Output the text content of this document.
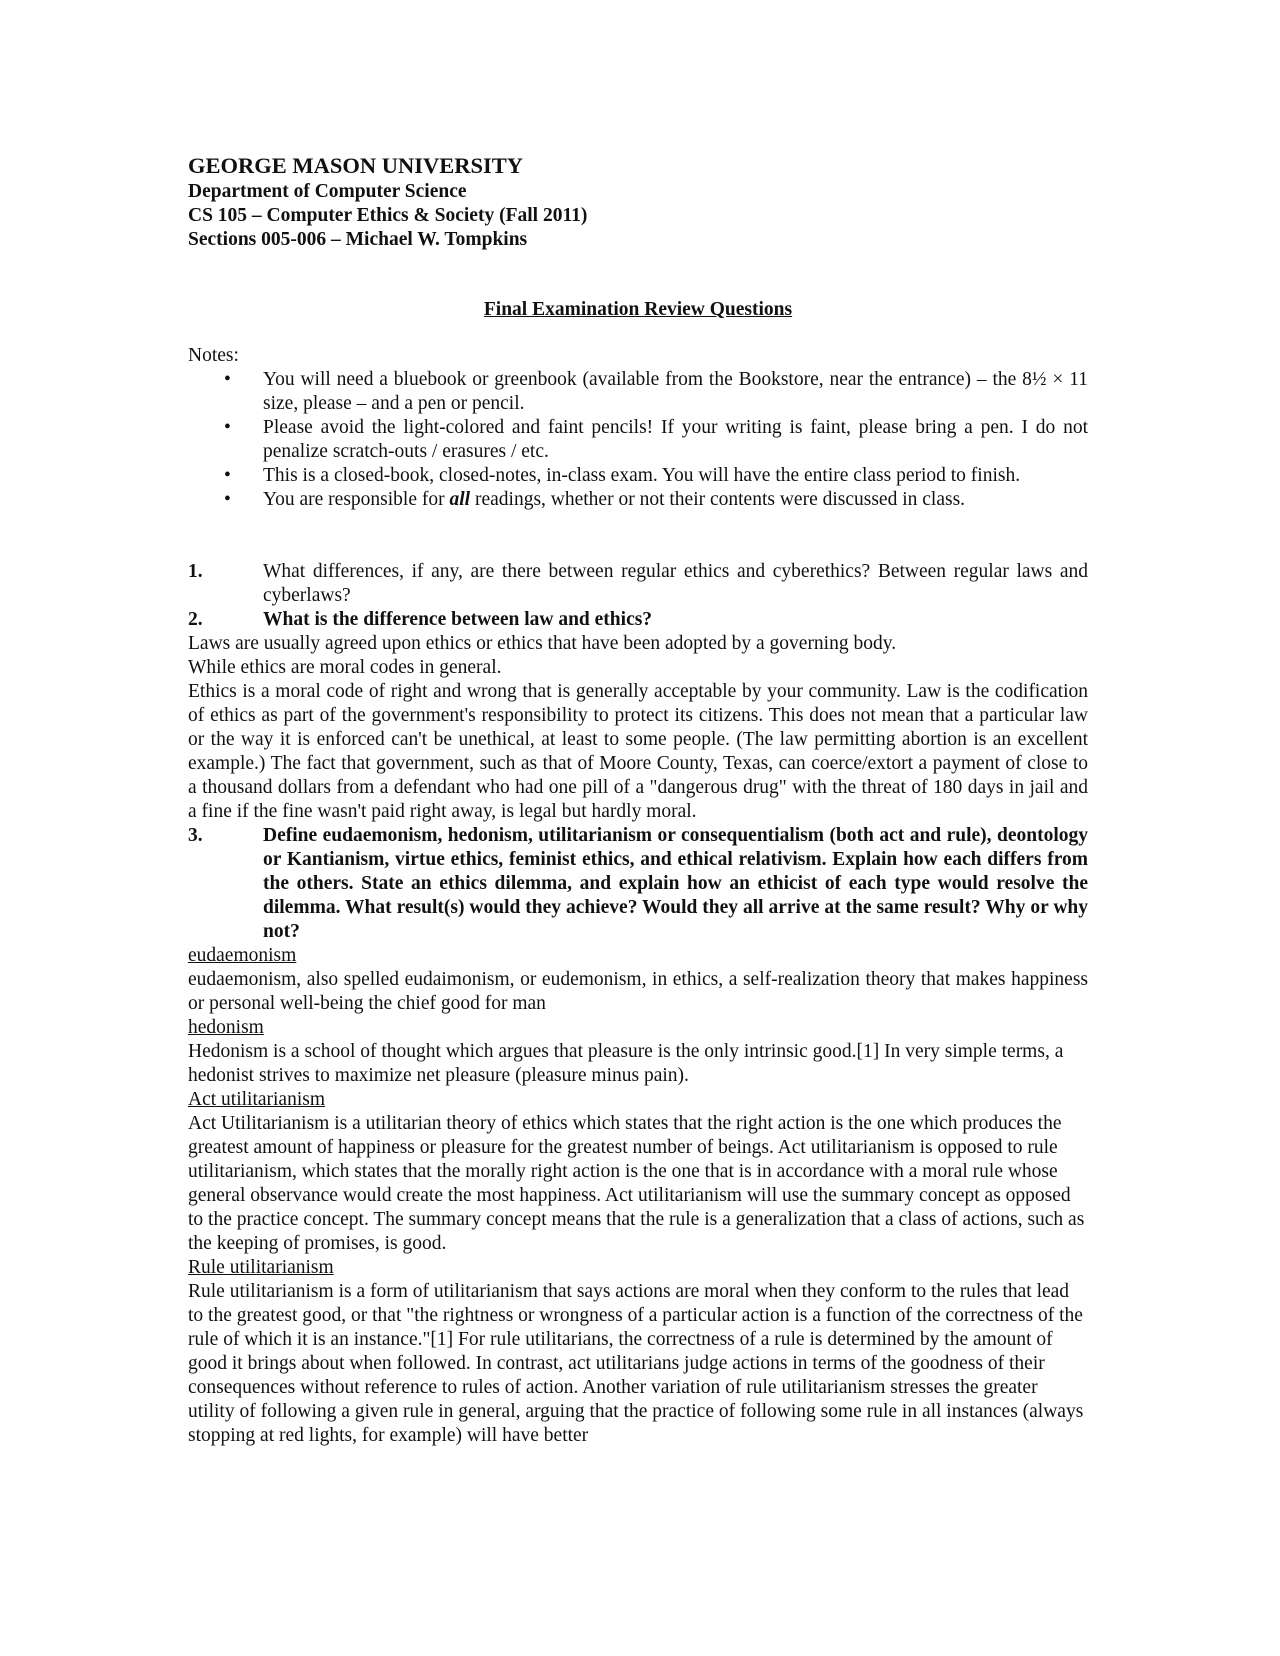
GEORGE MASON UNIVERSITY
Department of Computer Science
CS 105 – Computer Ethics & Society (Fall 2011)
Sections 005-006 – Michael W. Tompkins
Final Examination Review Questions
Notes:
• You will need a bluebook or greenbook (available from the Bookstore, near the entrance) – the 8½ × 11 size, please – and a pen or pencil.
• Please avoid the light-colored and faint pencils! If your writing is faint, please bring a pen. I do not penalize scratch-outs / erasures / etc.
• This is a closed-book, closed-notes, in-class exam. You will have the entire class period to finish.
• You are responsible for all readings, whether or not their contents were discussed in class.
1.	What differences, if any, are there between regular ethics and cyberethics? Between regular laws and cyberlaws?
2.	What is the difference between law and ethics?
Laws are usually agreed upon ethics or ethics that have been adopted by a governing body.
While ethics are moral codes in general.
Ethics is a moral code of right and wrong that is generally acceptable by your community. Law is the codification of ethics as part of the government's responsibility to protect its citizens. This does not mean that a particular law or the way it is enforced can't be unethical, at least to some people. (The law permitting abortion is an excellent example.) The fact that government, such as that of Moore County, Texas, can coerce/extort a payment of close to a thousand dollars from a defendant who had one pill of a "dangerous drug" with the threat of 180 days in jail and a fine if the fine wasn't paid right away, is legal but hardly moral.
3.	Define eudaemonism, hedonism, utilitarianism or consequentialism (both act and rule), deontology or Kantianism, virtue ethics, feminist ethics, and ethical relativism. Explain how each differs from the others. State an ethics dilemma, and explain how an ethicist of each type would resolve the dilemma. What result(s) would they achieve? Would they all arrive at the same result? Why or why not?
eudaemonism
eudaemonism, also spelled eudaimonism, or eudemonism, in ethics, a self-realization theory that makes happiness or personal well-being the chief good for man
hedonism
Hedonism is a school of thought which argues that pleasure is the only intrinsic good.[1] In very simple terms, a hedonist strives to maximize net pleasure (pleasure minus pain).
Act utilitarianism
Act Utilitarianism is a utilitarian theory of ethics which states that the right action is the one which produces the greatest amount of happiness or pleasure for the greatest number of beings. Act utilitarianism is opposed to rule utilitarianism, which states that the morally right action is the one that is in accordance with a moral rule whose general observance would create the most happiness. Act utilitarianism will use the summary concept as opposed to the practice concept. The summary concept means that the rule is a generalization that a class of actions, such as the keeping of promises, is good.
Rule utilitarianism
Rule utilitarianism is a form of utilitarianism that says actions are moral when they conform to the rules that lead to the greatest good, or that "the rightness or wrongness of a particular action is a function of the correctness of the rule of which it is an instance."[1] For rule utilitarians, the correctness of a rule is determined by the amount of good it brings about when followed. In contrast, act utilitarians judge actions in terms of the goodness of their consequences without reference to rules of action. Another variation of rule utilitarianism stresses the greater utility of following a given rule in general, arguing that the practice of following some rule in all instances (always stopping at red lights, for example) will have better
